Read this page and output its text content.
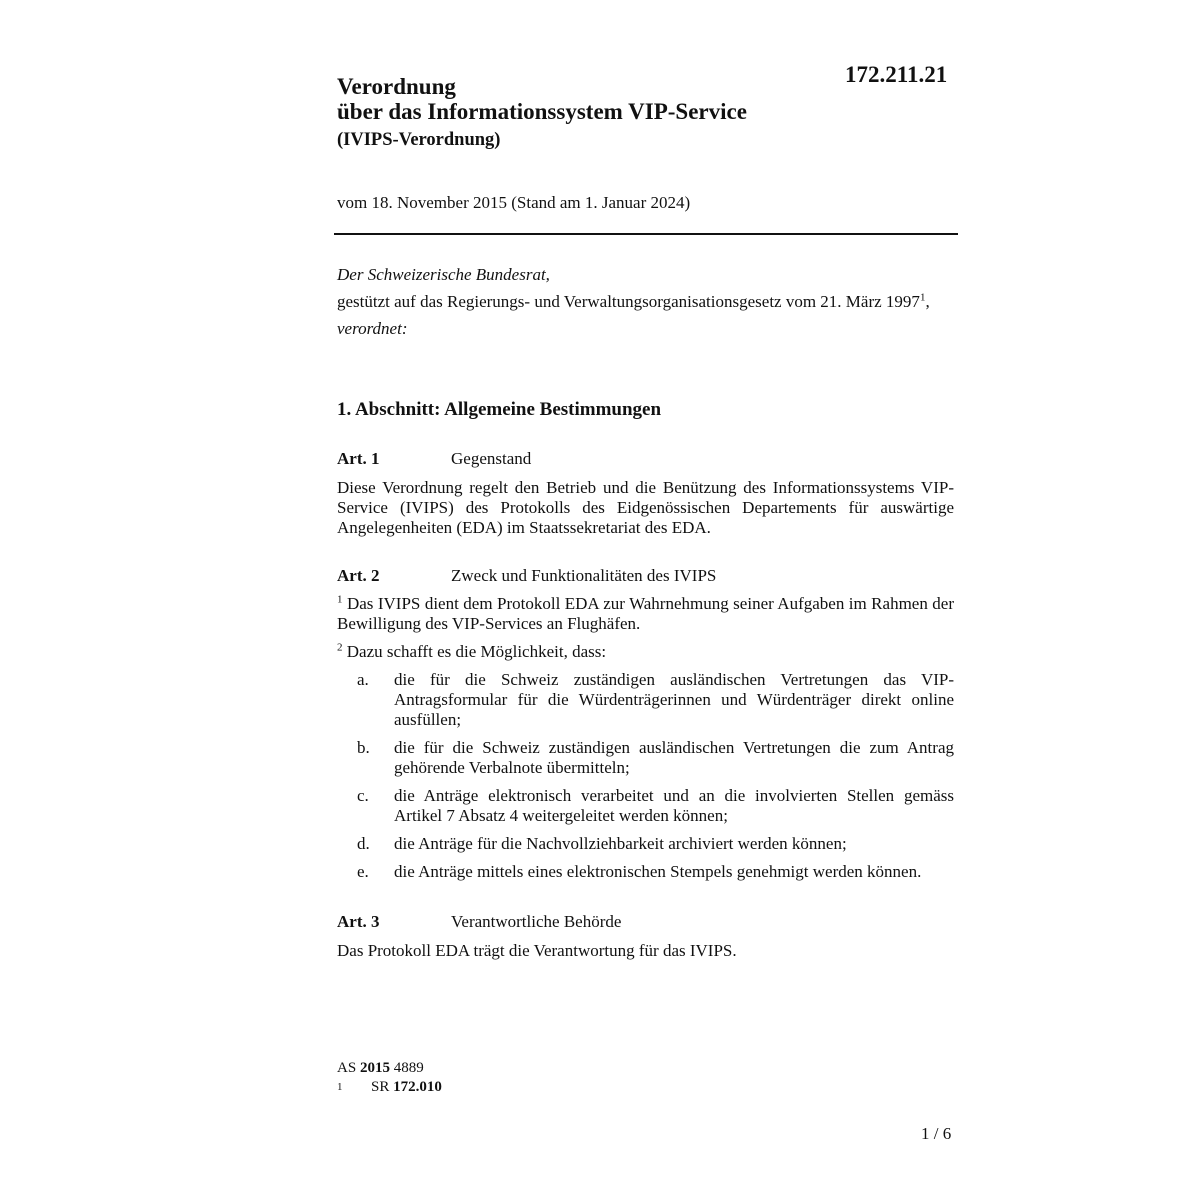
172.211.21
Verordnung
über das Informationssystem VIP-Service
(IVIPS-Verordnung)
vom 18. November 2015 (Stand am 1. Januar 2024)
Der Schweizerische Bundesrat,
gestützt auf das Regierungs- und Verwaltungsorganisationsgesetz vom 21. März 1997$^1$,
verordnet:
1. Abschnitt: Allgemeine Bestimmungen
Art. 1	Gegenstand
Diese Verordnung regelt den Betrieb und die Benützung des Informationssystems VIP-Service (IVIPS) des Protokolls des Eidgenössischen Departements für auswärtige Angelegenheiten (EDA) im Staatssekretariat des EDA.
Art. 2	Zweck und Funktionalitäten des IVIPS

$^1$ Das IVIPS dient dem Protokoll EDA zur Wahrnehmung seiner Aufgaben im Rahmen der Bewilligung des VIP-Services an Flughäfen.

$^2$ Dazu schafft es die Möglichkeit, dass:

a.	die für die Schweiz zuständigen ausländischen Vertretungen das VIP-Antragsformular für die Würdenträgerinnen und Würdenträger direkt online ausfüllen;
b.	die für die Schweiz zuständigen ausländischen Vertretungen die zum Antrag gehörende Verbalnote übermitteln;
c.	die Anträge elektronisch verarbeitet und an die involvierten Stellen gemäss Artikel 7 Absatz 4 weitergeleitet werden können;
d.	die Anträge für die Nachvollziehbarkeit archiviert werden können;
e.	die Anträge mittels eines elektronischen Stempels genehmigt werden können.
Art. 3	Verantwortliche Behörde
Das Protokoll EDA trägt die Verantwortung für das IVIPS.
AS 2015 4889
1	SR 172.010
1 / 6
